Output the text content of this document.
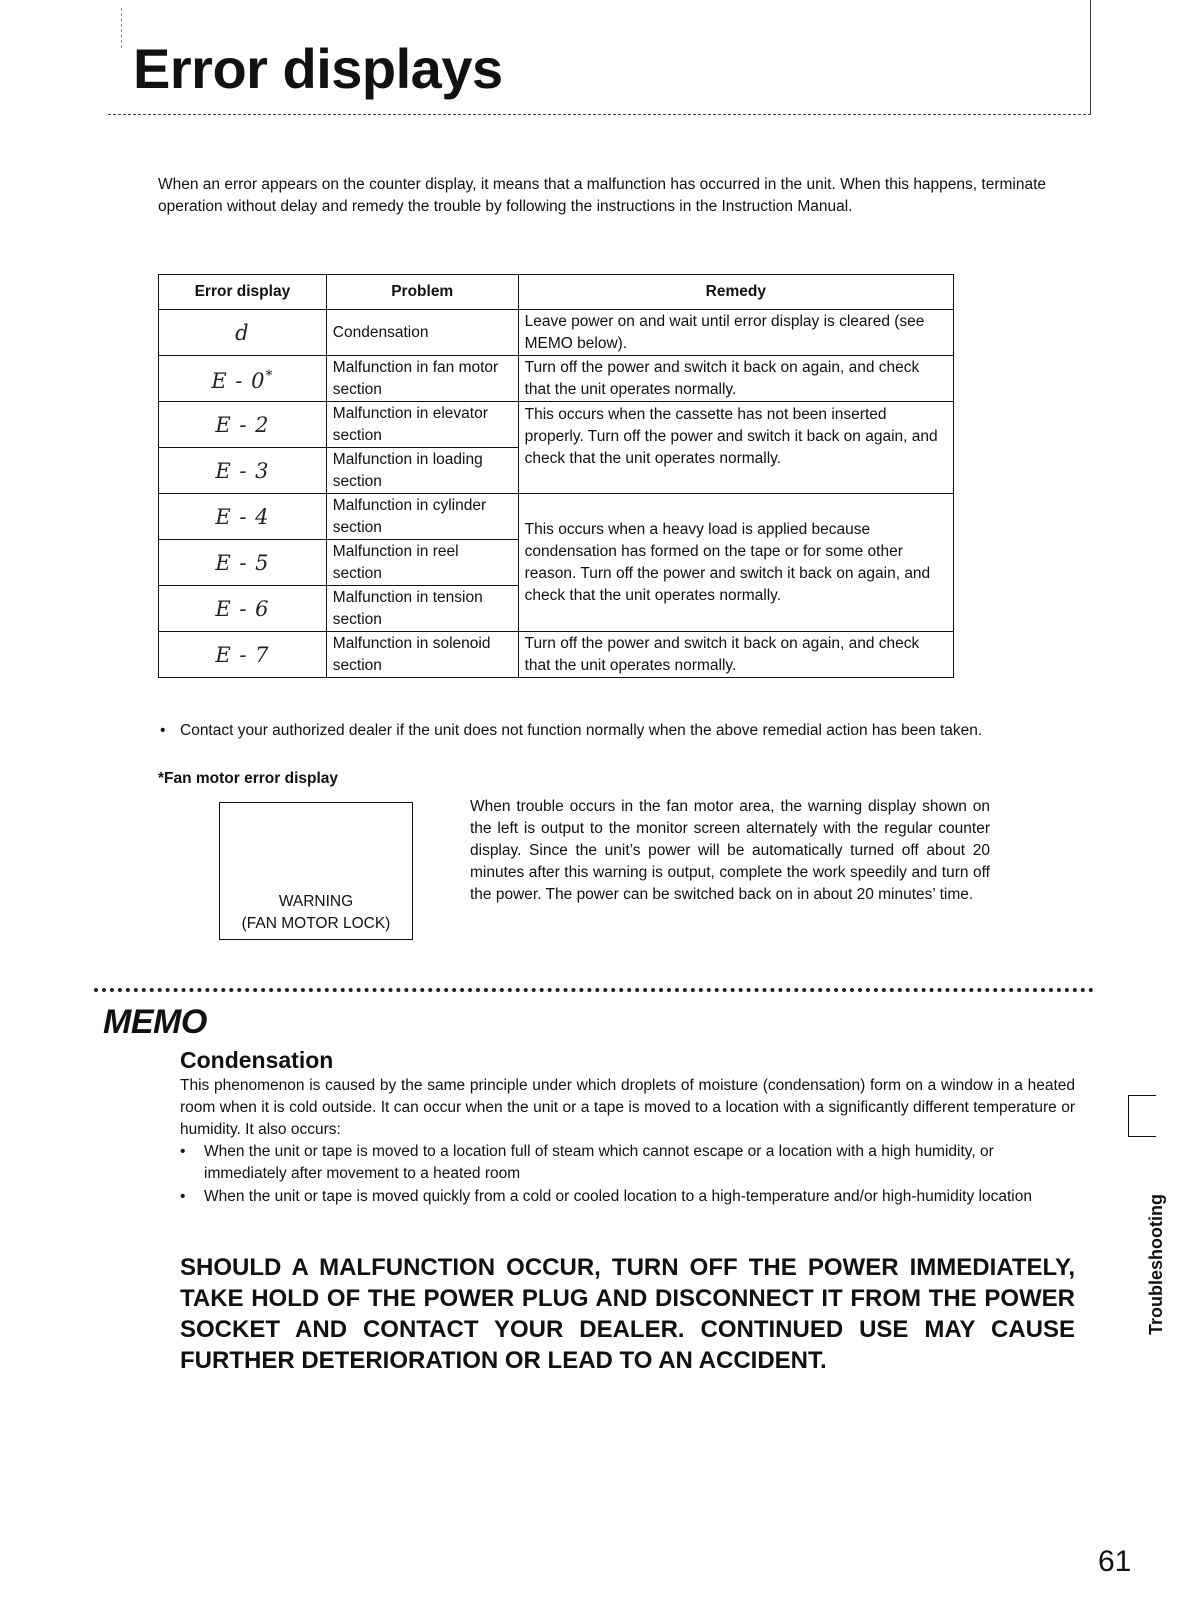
Error displays

When an error appears on the counter display, it means that a malfunction has occurred in the unit. When this happens, terminate operation without delay and remedy the trouble by following the instructions in the Instruction Manual.

Error display	Problem	Remedy
d	Condensation	Leave power on and wait until error display is cleared (see MEMO below).
E - 0*	Malfunction in fan motor section	Turn off the power and switch it back on again, and check that the unit operates normally.
E - 2	Malfunction in elevator section	This occurs when the cassette has not been inserted properly. Turn off the power and switch it back on again, and check that the unit operates normally.
E - 3	Malfunction in loading section	
E - 4	Malfunction in cylinder section	This occurs when a heavy load is applied because condensation has formed on the tape or for some other reason. Turn off the power and switch it back on again, and check that the unit operates normally.
E - 5	Malfunction in reel section	
E - 6	Malfunction in tension section	
E - 7	Malfunction in solenoid section	Turn off the power and switch it back on again, and check that the unit operates normally.

• Contact your authorized dealer if the unit does not function normally when the above remedial action has been taken.

*Fan motor error display

WARNING
(FAN MOTOR LOCK)

When trouble occurs in the fan motor area, the warning display shown on the left is output to the monitor screen alternately with the regular counter display. Since the unit’s power will be automatically turned off about 20 minutes after this warning is output, complete the work speedily and turn off the power. The power can be switched back on in about 20 minutes’ time.

MEMO
Condensation

This phenomenon is caused by the same principle under which droplets of moisture (condensation) form on a window in a heated room when it is cold outside. It can occur when the unit or a tape is moved to a location with a significantly different temperature or humidity. It also occurs:

• When the unit or tape is moved to a location full of steam which cannot escape or a location with a high humidity, or immediately after movement to a heated room
• When the unit or tape is moved quickly from a cold or cooled location to a high-temperature and/or high-humidity location

SHOULD A MALFUNCTION OCCUR, TURN OFF THE POWER IMMEDIATELY, TAKE HOLD OF THE POWER PLUG AND DISCONNECT IT FROM THE POWER SOCKET AND CONTACT YOUR DEALER. CONTINUED USE MAY CAUSE FURTHER DETERIORATION OR LEAD TO AN ACCIDENT.

Troubleshooting

61
